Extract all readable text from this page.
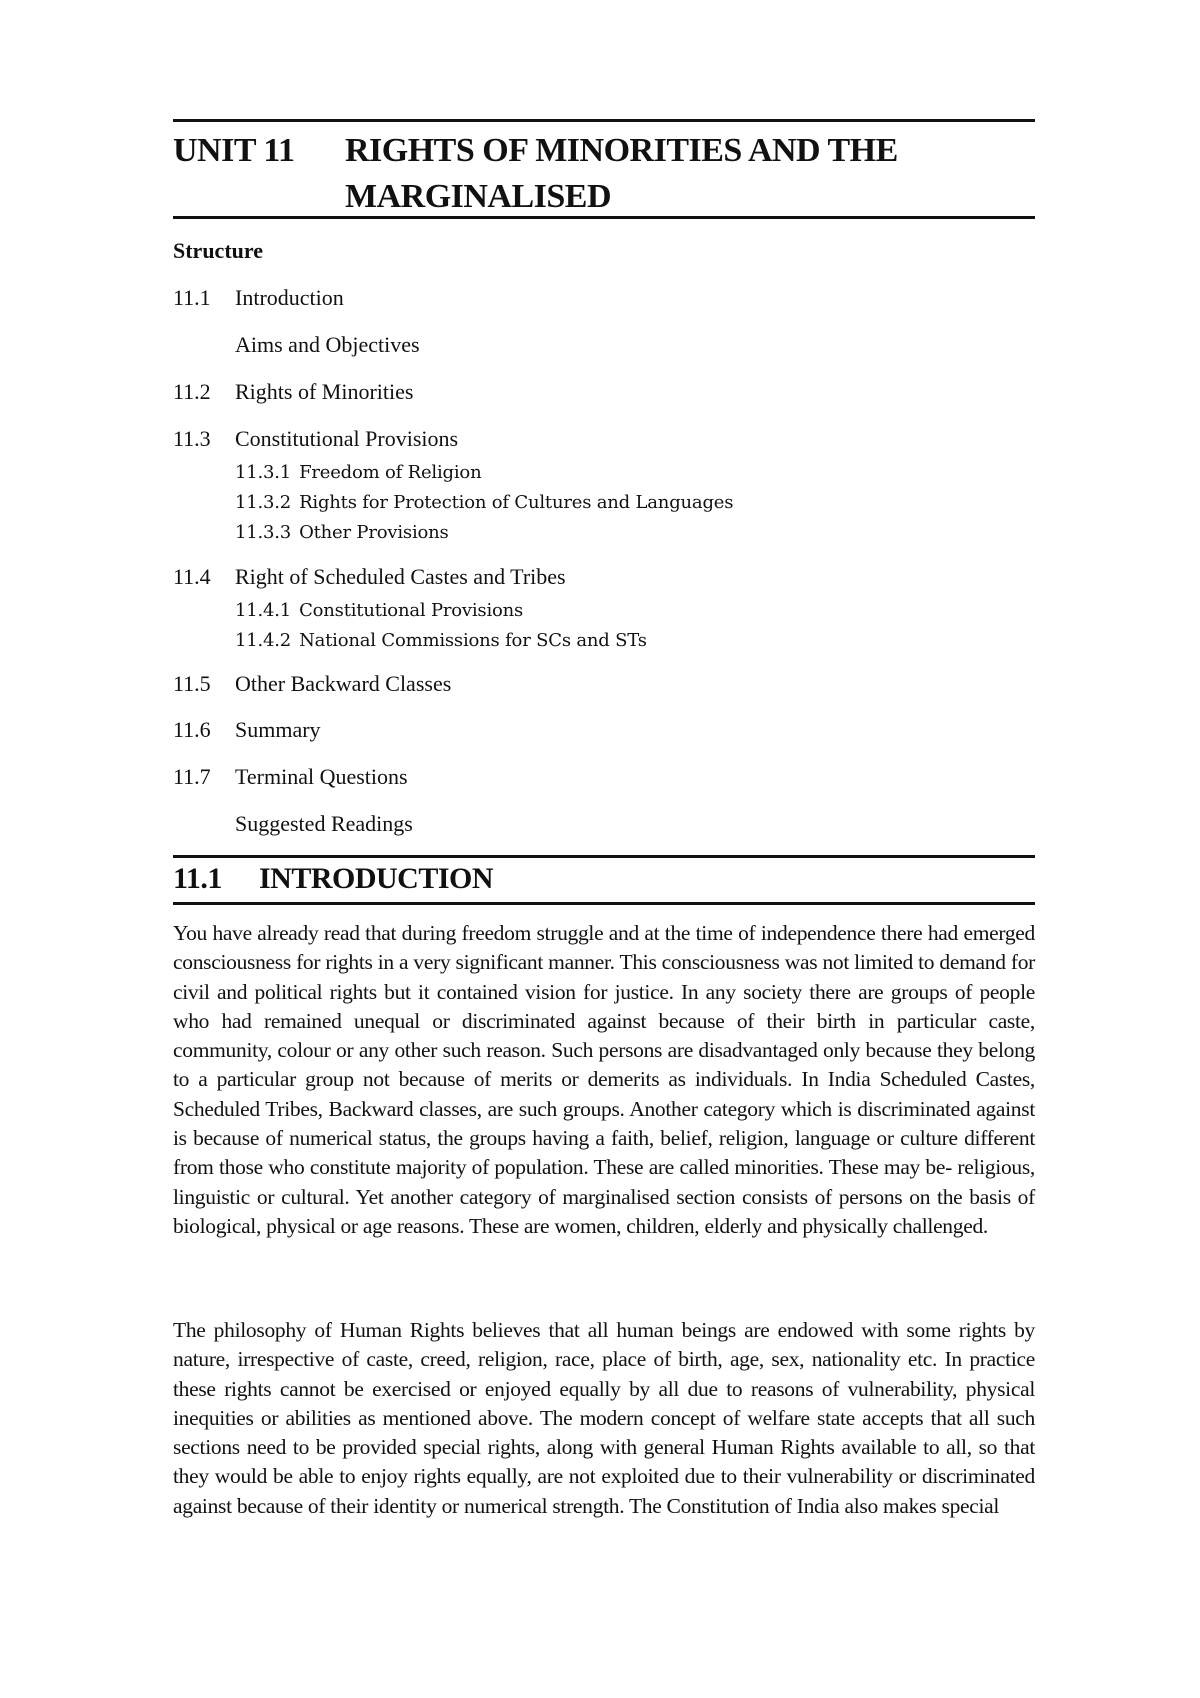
UNIT 11 RIGHTS OF MINORITIES AND THE MARGINALISED
Structure
11.1 Introduction
Aims and Objectives
11.2 Rights of Minorities
11.3 Constitutional Provisions
11.3.1 Freedom of Religion
11.3.2 Rights for Protection of Cultures and Languages
11.3.3 Other Provisions
11.4 Right of Scheduled Castes and Tribes
11.4.1 Constitutional Provisions
11.4.2 National Commissions for SCs and STs
11.5 Other Backward Classes
11.6 Summary
11.7 Terminal Questions
Suggested Readings
11.1 INTRODUCTION

You have already read that during freedom struggle and at the time of independence there had emerged consciousness for rights in a very significant manner. This consciousness was not limited to demand for civil and political rights but it contained vision for justice. In any society there are groups of people who had remained unequal or discriminated against because of their birth in particular caste, community, colour or any other such reason. Such persons are disadvantaged only because they belong to a particular group not because of merits or demerits as individuals. In India Scheduled Castes, Scheduled Tribes, Backward classes, are such groups. Another category which is discriminated against is because of numerical status, the groups having a faith, belief, religion, language or culture different from those who constitute majority of population. These are called minorities. These may be- religious, linguistic or cultural. Yet another category of marginalised section consists of persons on the basis of biological, physical or age reasons. These are women, children, elderly and physically challenged.

The philosophy of Human Rights believes that all human beings are endowed with some rights by nature, irrespective of caste, creed, religion, race, place of birth, age, sex, nationality etc. In practice these rights cannot be exercised or enjoyed equally by all due to reasons of vulnerability, physical inequities or abilities as mentioned above. The modern concept of welfare state accepts that all such sections need to be provided special rights, along with general Human Rights available to all, so that they would be able to enjoy rights equally, are not exploited due to their vulnerability or discriminated against because of their identity or numerical strength. The Constitution of India also makes special
